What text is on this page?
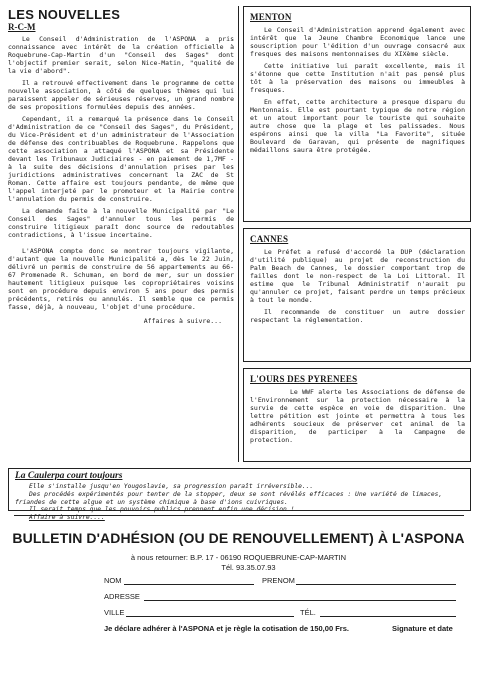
LES NOUVELLES
R-C-M

Le Conseil d'Administration de l'ASPONA a pris connaissance avec intérêt de la création officielle à Roquebrune-Cap-Martin d'un "Conseil des Sages" dont l'objectif premier serait, selon Nice-Matin, "qualité de la vie d'abord".

Il a retrouvé effectivement dans le programme de cette nouvelle association, à côté de quelques thèmes qui lui paraissent appeler de sérieuses réserves, un grand nombre de ses propositions formulées depuis des années.

Cependant, il a remarqué la présence dans le Conseil d'Administration de ce "Conseil des Sages", du Président, du Vice-Président et d'un administrateur de l'Association de défense des contribuables de Roquebrune. Rappelons que cette association a attaqué l'ASPONA et sa Présidente devant les Tribunaux Judiciaires - en paiement de 1,7MF - à la suite des décisions d'annulation prises par les juridictions administratives concernant la ZAC de St Roman. Cette affaire est toujours pendante, de même que l'appel interjeté par le promoteur et la Mairie contre l'annulation du permis de construire.

La demande faite à la nouvelle Municipalité par "Le Conseil des Sages" d'annuler tous les permis de construire litigieux paraît donc source de redoutables contradictions, à l'issue incertaine.

L'ASPONA compte donc se montrer toujours vigilante, d'autant que la nouvelle Municipalité a, dès le 22 Juin, délivré un permis de construire de 56 appartements au 66-67 Promenade R. Schuman, en bord de mer, sur un dossier hautement litigieux puisque les copropriétaires voisins sont en procédure depuis environ 5 ans pour des permis précédents, retirés ou annulés. Il semble que ce permis fasse, déjà, à nouveau, l'objet d'une procédure.

Affaires à suivre...

MENTON

Le Conseil d'Administration apprend également avec intérêt que la Jeune Chambre Economique lance une souscription pour l'édition d'un ouvrage consacré aux fresques des maisons mentonnaises du XIXème siècle.

Cette initiative lui paraît excellente, mais il s'étonne que cette Institution n'ait pas pensé plus tôt à la préservation des maisons ou immeubles à fresques.

En effet, cette architecture a presque disparu du Mentonnais. Elle est pourtant typique de notre région et un atout important pour le touriste qui souhaite autre chose que la plage et les palissades. Nous espérons ainsi que la villa "La Favorite", située Boulevard de Garavan, qui présente de magnifiques médaillons saura être protégée.

CANNES

Le Préfet a refusé d'accordé la DUP (déclaration d'utilité publique) au projet de reconstruction du Palm Beach de Cannes, le dossier comportant trop de failles dont le non-respect de la Loi Littoral. Il estime que le Tribunal Administratif n'aurait pu qu'annuler ce projet, faisant perdre un temps précieux à tout le monde.

Il recommande de constituer un autre dossier respectant la réglementation.

L'OURS DES PYRENEES

Le WWF alerte les Associations de défense de l'Environnement sur la protection nécessaire à la survie de cette espèce en voie de disparition. Une lettre pétition est jointe et permettra à tous les adhérents soucieux de préserver cet animal de la disparition, de participer à la Campagne de protection.

La Caulerpa court toujours

Elle s'installe jusqu'en Yougoslavie, sa progression paraît irréversible...

Des procédés expérimentés pour tenter de la stopper, deux se sont révélés efficaces : Une variété de limaces, friandes de cette algue et un système chimique à base d'ions cuivriques.

Il serait temps que les pouvoirs publics prennent enfin une décision !

Affaire à suivre....

BULLETIN D'ADHÉSION (OU DE RENOUVELLEMENT) À L'ASPONA
à nous retourner: B.P. 17 - 06190 ROQUEBRUNE-CAP-MARTIN
Tél. 93.35.07.93
NOM	PRENOM
ADRESSE
VILLE	TÉL.
Je déclare adhérer à l'ASPONA et je règle la cotisation de 150,00 Frs.	Signature et date
